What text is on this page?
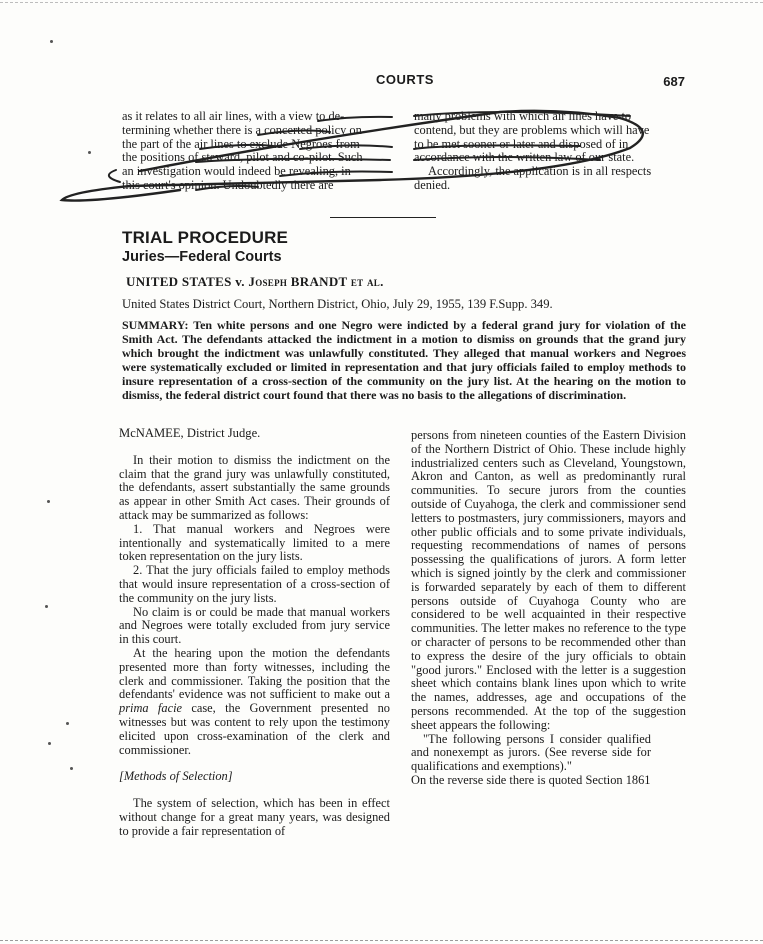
COURTS	687

as it relates to all air lines, with a view to de-

termining whether there is a concerted policy on

the part of the air lines to exclude Negroes from

the positions of steward, pilot and co-pilot. Such

an investigation would indeed be revealing, in

this court's opinion. Undoubtedly there are

many problems with which air lines have to

contend, but they are problems which will have

to be met sooner or later and disposed of in

accordance with the written law of our state.

Accordingly, the application is in all respects

denied.

TRIAL PROCEDURE
Juries—Federal Courts
UNITED STATES v. Joseph BRANDT et al.
United States District Court, Northern District, Ohio, July 29, 1955, 139 F.Supp. 349.
SUMMARY: Ten white persons and one Negro were indicted by a federal grand jury for violation of the Smith Act. The defendants attacked the indictment in a motion to dismiss on grounds that the grand jury which brought the indictment was unlawfully constituted. They alleged that manual workers and Negroes were systematically excluded or limited in representation and that jury officials failed to employ methods to insure representation of a cross-section of the community on the jury list. At the hearing on the motion to dismiss, the federal district court found that there was no basis to the allegations of discrimination.

McNAMEE, District Judge.

In their motion to dismiss the indictment on the claim that the grand jury was unlawfully constituted, the defendants, assert substantially the same grounds as appear in other Smith Act cases. Their grounds of attack may be summarized as follows:

1. That manual workers and Negroes were intentionally and systematically limited to a mere token representation on the jury lists.

2. That the jury officials failed to employ methods that would insure representation of a cross-section of the community on the jury lists.

No claim is or could be made that manual workers and Negroes were totally excluded from jury service in this court.

At the hearing upon the motion the defendants presented more than forty witnesses, including the clerk and commissioner. Taking the position that the defendants' evidence was not sufficient to make out a prima facie case, the Government presented no witnesses but was content to rely upon the testimony elicited upon cross-examination of the clerk and commissioner.

[Methods of Selection]

The system of selection, which has been in effect without change for a great many years, was designed to provide a fair representation of

persons from nineteen counties of the Eastern Division of the Northern District of Ohio. These include highly industrialized centers such as Cleveland, Youngstown, Akron and Canton, as well as predominantly rural communities. To secure jurors from the counties outside of Cuyahoga, the clerk and commissioner send letters to postmasters, jury commissioners, mayors and other public officials and to some private individuals, requesting recommendations of names of persons possessing the qualifications of jurors. A form letter which is signed jointly by the clerk and commissioner is forwarded separately by each of them to different persons outside of Cuyahoga County who are considered to be well acquainted in their respective communities. The letter makes no reference to the type or character of persons to be recommended other than to express the desire of the jury officials to obtain "good jurors." Enclosed with the letter is a suggestion sheet which contains blank lines upon which to write the names, addresses, age and occupations of the persons recommended. At the top of the suggestion sheet appears the following:

"The following persons I consider qualified and nonexempt as jurors. (See reverse side for qualifications and exemptions)."

On the reverse side there is quoted Section 1861
